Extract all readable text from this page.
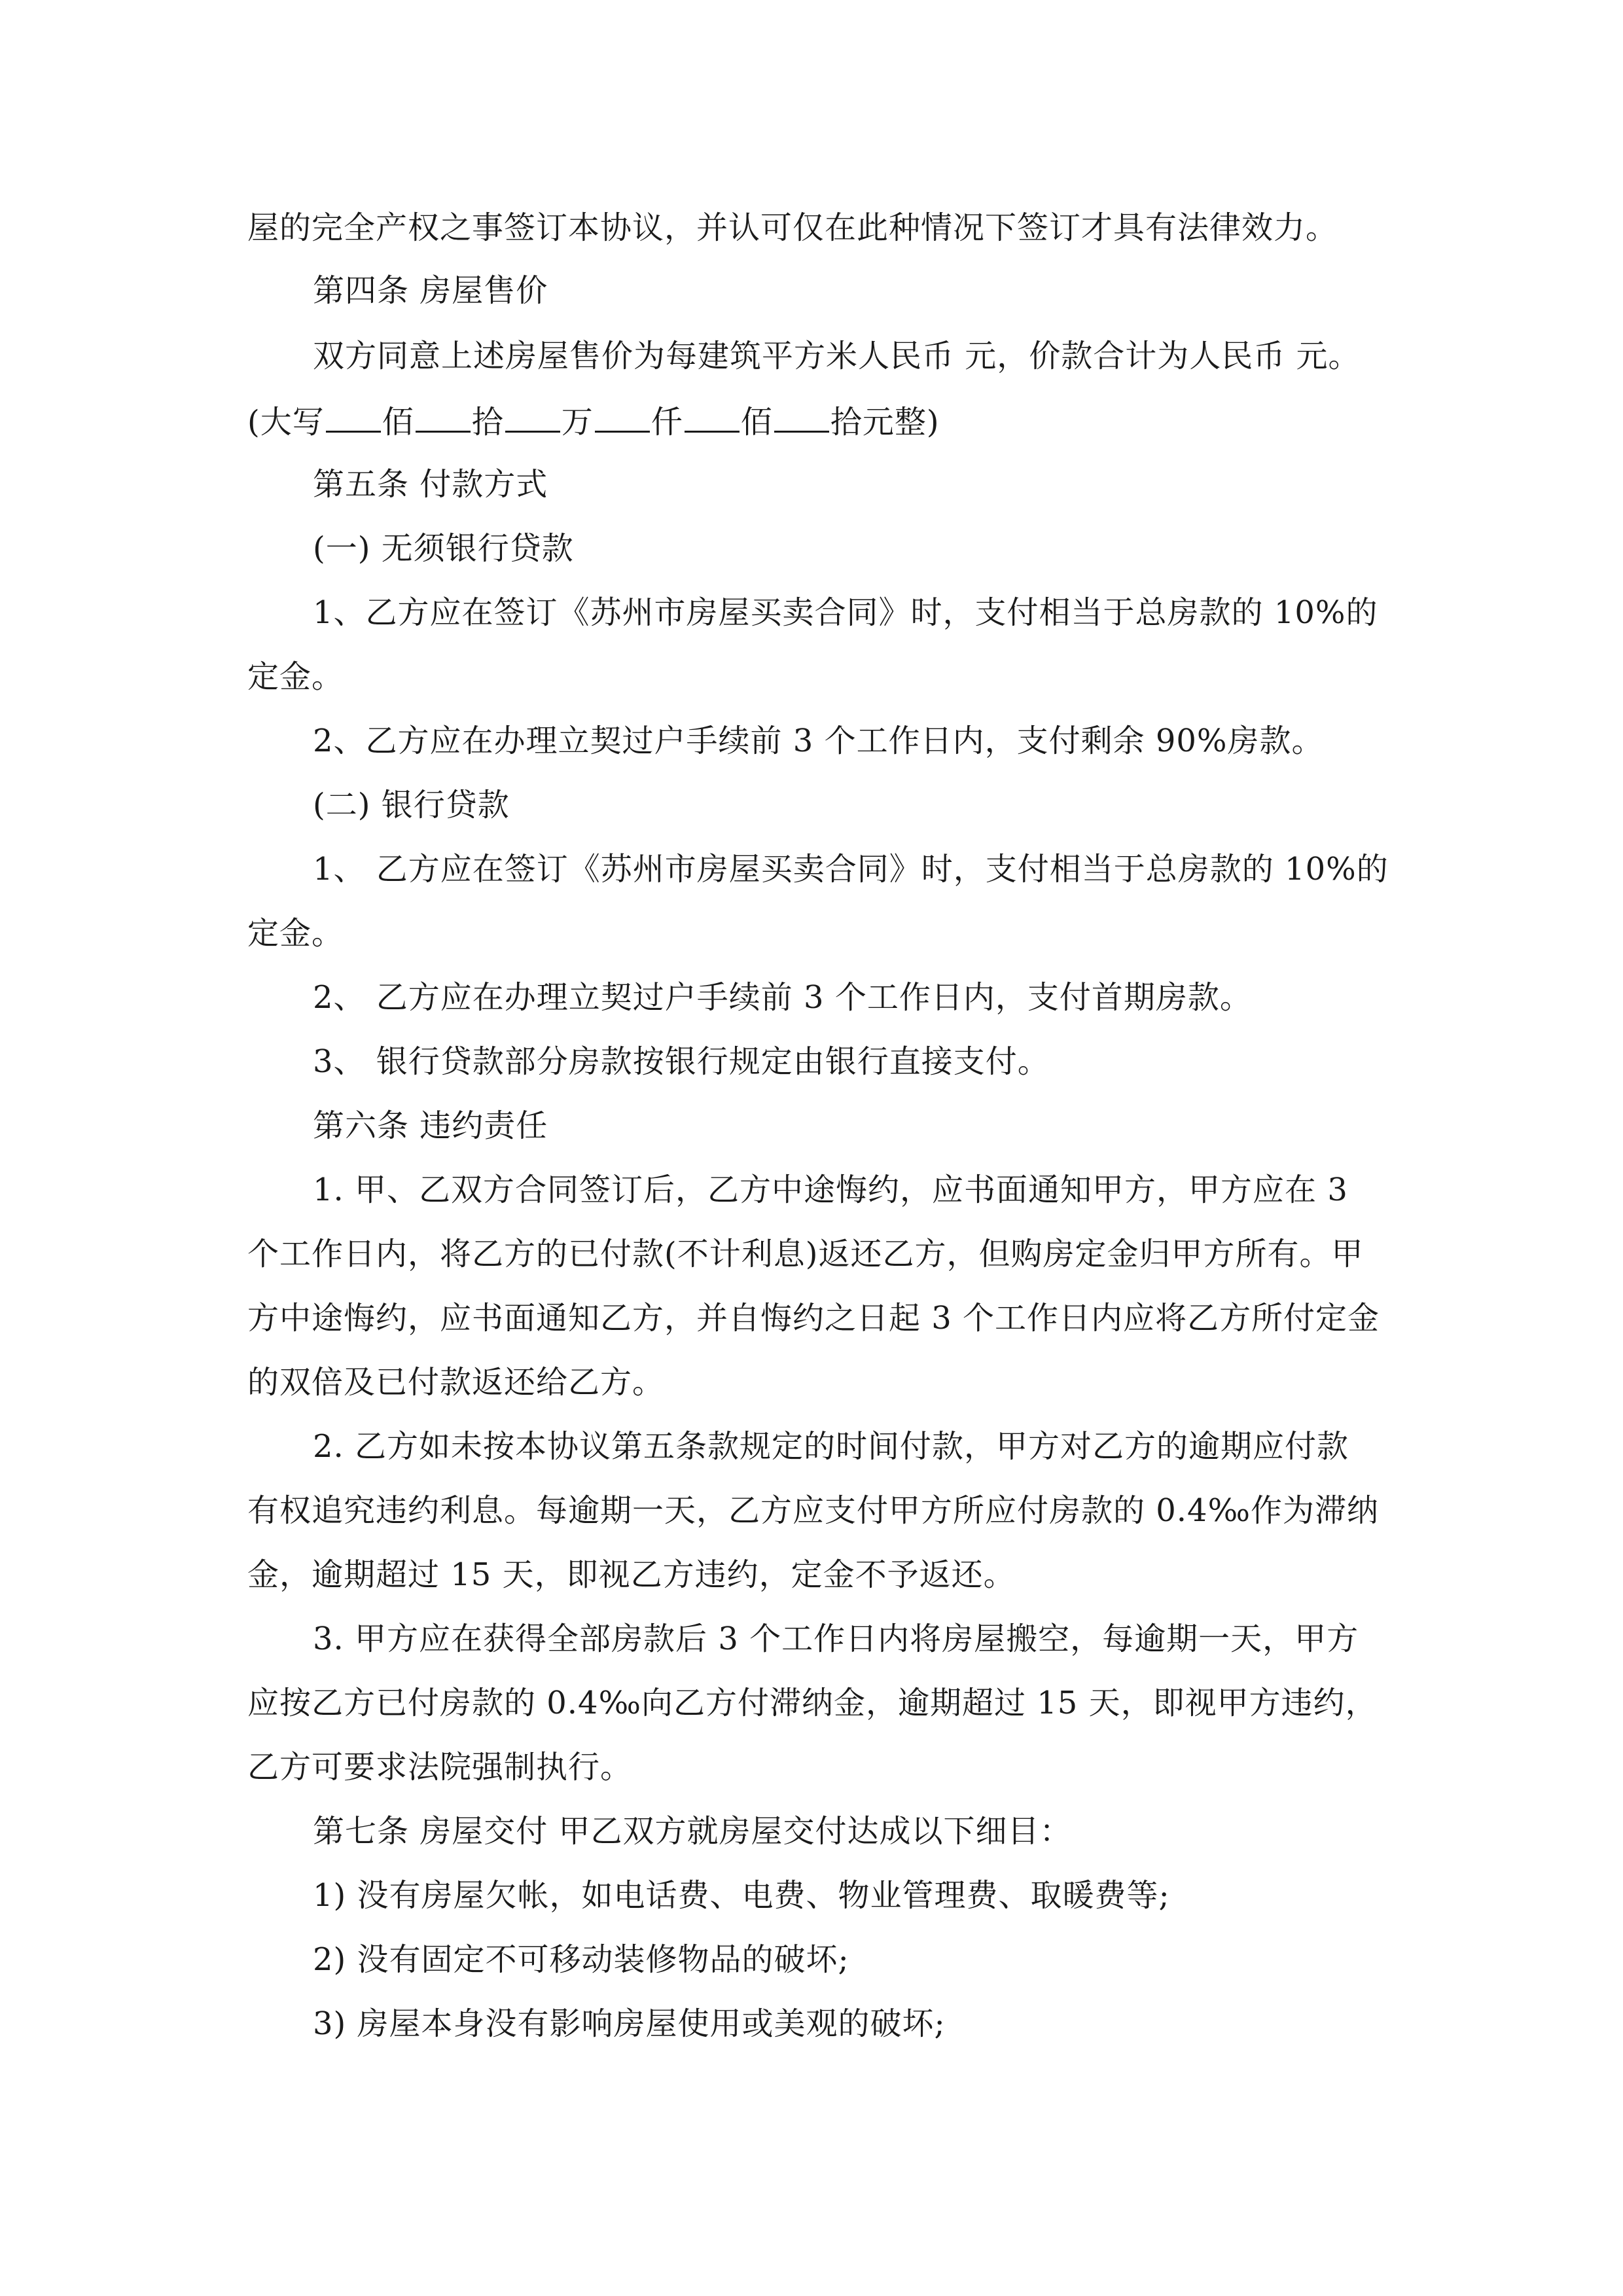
屋的完全产权之事签订本协议，并认可仅在此种情况下签订才具有法律效力。
第四条 房屋售价
双方同意上述房屋售价为每建筑平方米人民币 元，价款合计为人民币 元。
(大写 佰 拾 万 仟 佰 拾元整)
第五条 付款方式
(一) 无须银行贷款
1、乙方应在签订《苏州市房屋买卖合同》时，支付相当于总房款的 10%的
定金。
2、乙方应在办理立契过户手续前 3 个工作日内，支付剩余 90%房款。
(二) 银行贷款
1、 乙方应在签订《苏州市房屋买卖合同》时，支付相当于总房款的 10%的
定金。
2、 乙方应在办理立契过户手续前 3 个工作日内，支付首期房款。
3、 银行贷款部分房款按银行规定由银行直接支付。
第六条 违约责任
1. 甲、乙双方合同签订后，乙方中途悔约，应书面通知甲方，甲方应在 3
个工作日内，将乙方的已付款(不计利息)返还乙方，但购房定金归甲方所有。甲
方中途悔约，应书面通知乙方，并自悔约之日起 3 个工作日内应将乙方所付定金
的双倍及已付款返还给乙方。
2. 乙方如未按本协议第五条款规定的时间付款，甲方对乙方的逾期应付款
有权追究违约利息。每逾期一天，乙方应支付甲方所应付房款的 0.4‰作为滞纳
金，逾期超过 15 天，即视乙方违约，定金不予返还。
3. 甲方应在获得全部房款后 3 个工作日内将房屋搬空，每逾期一天，甲方
应按乙方已付房款的 0.4‰向乙方付滞纳金，逾期超过 15 天，即视甲方违约，
乙方可要求法院强制执行。
第七条 房屋交付 甲乙双方就房屋交付达成以下细目：
1) 没有房屋欠帐，如电话费、电费、物业管理费、取暖费等;
2) 没有固定不可移动装修物品的破坏;
3) 房屋本身没有影响房屋使用或美观的破坏;
